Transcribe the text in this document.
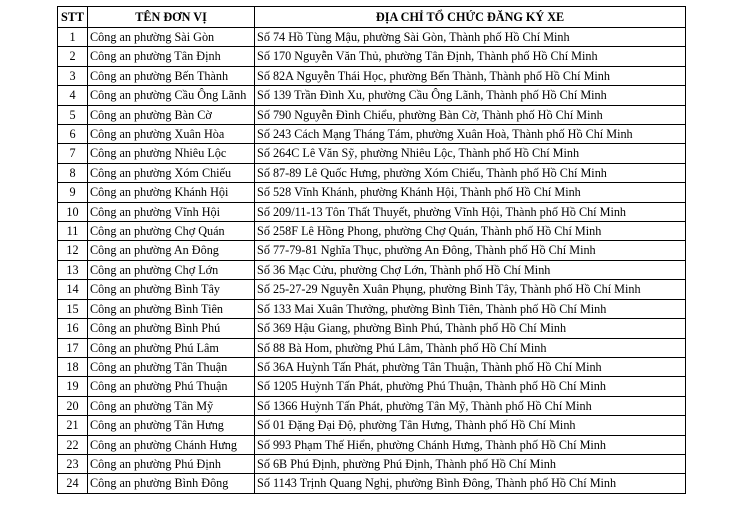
STT	TÊN ĐƠN VỊ	ĐỊA CHỈ TỔ CHỨC ĐĂNG KÝ XE
1	Công an phường Sài Gòn	Số 74 Hồ Tùng Mậu, phường Sài Gòn, Thành phố Hồ Chí Minh
2	Công an phường Tân Định	Số 170 Nguyễn Văn Thủ, phường Tân Định, Thành phố Hồ Chí Minh
3	Công an phường Bến Thành	Số 82A Nguyễn Thái Học, phường Bến Thành, Thành phố Hồ Chí Minh
4	Công an phường Cầu Ông Lãnh	Số 139 Trần Đình Xu, phường Cầu Ông Lãnh, Thành phố Hồ Chí Minh
5	Công an phường Bàn Cờ	Số 790 Nguyễn Đình Chiểu, phường Bàn Cờ, Thành phố Hồ Chí Minh
6	Công an phường Xuân Hòa	Số 243 Cách Mạng Tháng Tám, phường Xuân Hoà, Thành phố Hồ Chí Minh
7	Công an phường Nhiêu Lộc	Số 264C Lê Văn Sỹ, phường Nhiêu Lộc, Thành phố Hồ Chí Minh
8	Công an phường Xóm Chiếu	Số 87-89 Lê Quốc Hưng, phường Xóm Chiếu, Thành phố Hồ Chí Minh
9	Công an phường Khánh Hội	Số 528 Vĩnh Khánh, phường Khánh Hội, Thành phố Hồ Chí Minh
10	Công an phường Vĩnh Hội	Số 209/11-13 Tôn Thất Thuyết, phường Vĩnh Hội, Thành phố Hồ Chí Minh
11	Công an phường Chợ Quán	Số 258F Lê Hồng Phong, phường Chợ Quán, Thành phố Hồ Chí Minh
12	Công an phường An Đông	Số 77-79-81 Nghĩa Thục, phường An Đông, Thành phố Hồ Chí Minh
13	Công an phường Chợ Lớn	Số 36 Mạc Cửu, phường Chợ Lớn, Thành phố Hồ Chí Minh
14	Công an phường Bình Tây	Số 25-27-29 Nguyễn Xuân Phụng, phường Bình Tây, Thành phố Hồ Chí Minh
15	Công an phường Bình Tiên	Số 133 Mai Xuân Thưởng, phường Bình Tiên, Thành phố Hồ Chí Minh
16	Công an phường Bình Phú	Số 369 Hậu Giang, phường Bình Phú, Thành phố Hồ Chí Minh
17	Công an phường Phú Lâm	Số 88 Bà Hom, phường Phú Lâm, Thành phố Hồ Chí Minh
18	Công an phường Tân Thuận	Số 36A Huỳnh Tấn Phát, phường Tân Thuận, Thành phố Hồ Chí Minh
19	Công an phường Phú Thuận	Số 1205 Huỳnh Tấn Phát, phường Phú Thuận, Thành phố Hồ Chí Minh
20	Công an phường Tân Mỹ	Số 1366 Huỳnh Tấn Phát, phường Tân Mỹ, Thành phố Hồ Chí Minh
21	Công an phường Tân Hưng	Số 01 Đặng Đại Độ, phường Tân Hưng, Thành phố Hồ Chí Minh
22	Công an phường Chánh Hưng	Số 993 Phạm Thế Hiển, phường Chánh Hưng, Thành phố Hồ Chí Minh
23	Công an phường Phú Định	Số 6B Phú Định, phường Phú Định, Thành phố Hồ Chí Minh
24	Công an phường Bình Đông	Số 1143 Trịnh Quang Nghị, phường Bình Đông, Thành phố Hồ Chí Minh
